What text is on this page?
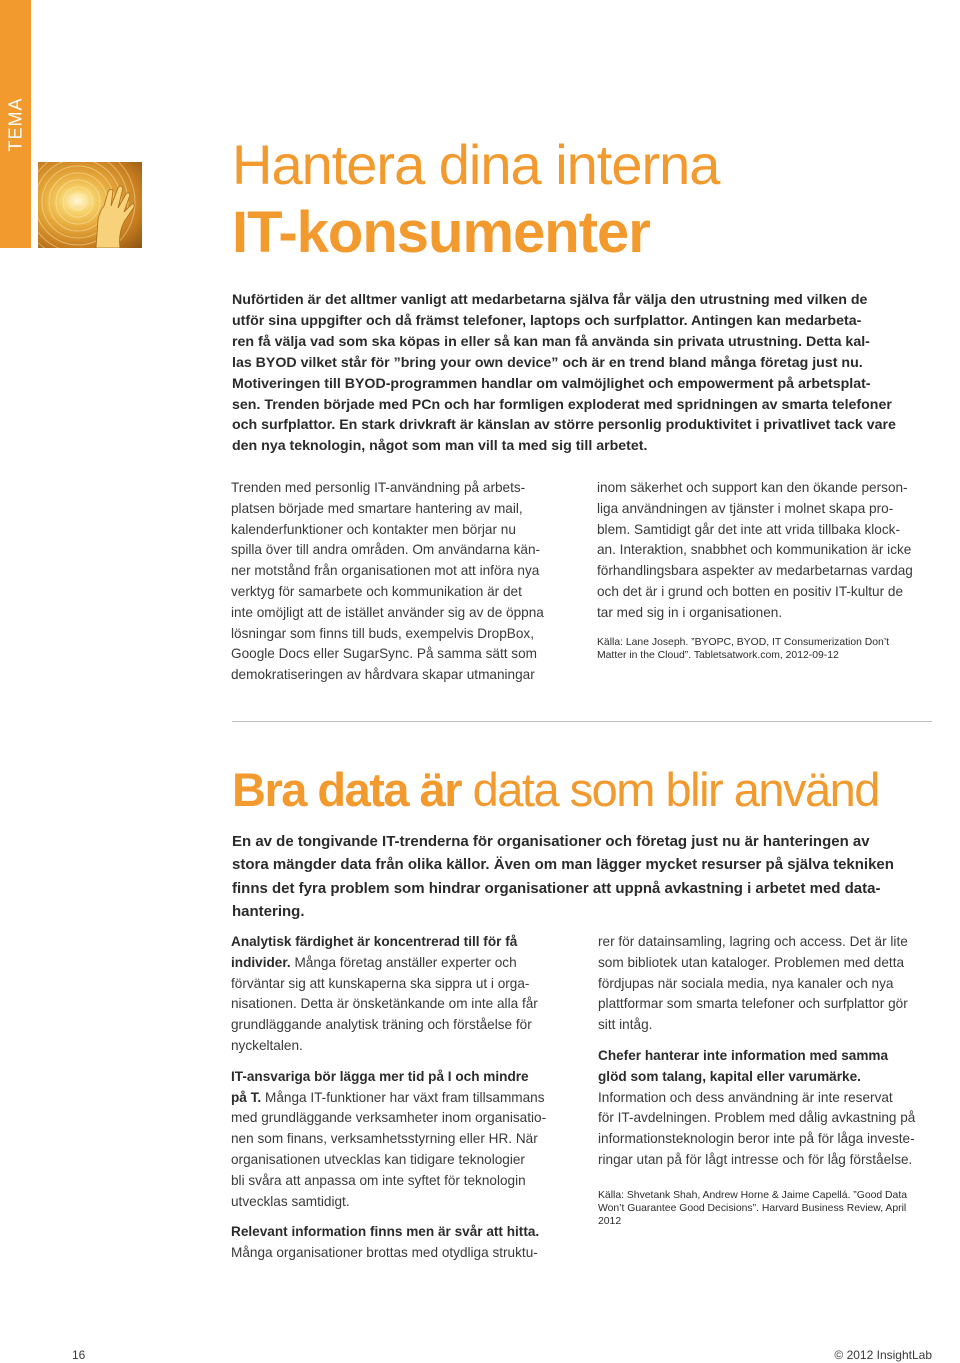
TEMA
Hantera dina interna
IT-konsumenter

Nuförtiden är det alltmer vanligt att medarbetarna själva får välja den utrustning med vilken de

utför sina uppgifter och då främst telefoner, laptops och surfplattor. Antingen kan medarbeta-

ren få välja vad som ska köpas in eller så kan man få använda sin privata utrustning. Detta kal-

las BYOD vilket står för ”bring your own device” och är en trend bland många företag just nu.

Motiveringen till BYOD-programmen handlar om valmöjlighet och empowerment på arbetsplat-

sen. Trenden började med PCn och har formligen exploderat med spridningen av smarta telefoner

och surfplattor. En stark drivkraft är känslan av större personlig produktivitet i privatlivet tack vare

den nya teknologin, något som man vill ta med sig till arbetet.

Trenden med personlig IT-användning på arbets-

platsen började med smartare hantering av mail,

kalenderfunktioner och kontakter men börjar nu

spilla över till andra områden. Om användarna kän-

ner motstånd från organisationen mot att införa nya

verktyg för samarbete och kommunikation är det

inte omöjligt att de istället använder sig av de öppna

lösningar som finns till buds, exempelvis DropBox,

Google Docs eller SugarSync. På samma sätt som

demokratiseringen av hårdvara skapar utmaningar

inom säkerhet och support kan den ökande person-

liga användningen av tjänster i molnet skapa pro-

blem. Samtidigt går det inte att vrida tillbaka klock-

an. Interaktion, snabbhet och kommunikation är icke

förhandlingsbara aspekter av medarbetarnas vardag

och det är i grund och botten en positiv IT-kultur de

tar med sig in i organisationen.

Källa: Lane Joseph. ”BYOPC, BYOD, IT Consumerization Don’t
Matter in the Cloud”. Tabletsatwork.com, 2012-09-12
Bra data är data som blir använd

En av de tongivande IT-trenderna för organisationer och företag just nu är hanteringen av

stora mängder data från olika källor. Även om man lägger mycket resurser på själva tekniken

finns det fyra problem som hindrar organisationer att uppnå avkastning i arbetet med data-

hantering.

Analytisk färdighet är koncentrerad till för få

individer. Många företag anställer experter och

förväntar sig att kunskaperna ska sippra ut i orga-

nisationen. Detta är önsketänkande om inte alla får

grundläggande analytisk träning och förståelse för

nyckeltalen.

IT-ansvariga bör lägga mer tid på I och mindre

på T. Många IT-funktioner har växt fram tillsammans

med grundläggande verksamheter inom organisatio-

nen som finans, verksamhetsstyrning eller HR. När

organisationen utvecklas kan tidigare teknologier

bli svåra att anpassa om inte syftet för teknologin

utvecklas samtidigt.

Relevant information finns men är svår att hitta.

Många organisationer brottas med otydliga struktu-

rer för datainsamling, lagring och access. Det är lite

som bibliotek utan kataloger. Problemen med detta

fördjupas när sociala media, nya kanaler och nya

plattformar som smarta telefoner och surfplattor gör

sitt intåg.

Chefer hanterar inte information med samma

glöd som talang, kapital eller varumärke.

Information och dess användning är inte reservat

för IT-avdelningen. Problem med dålig avkastning på

informationsteknologin beror inte på för låga investe-

ringar utan på för lågt intresse och för låg förståelse.

Källa: Shvetank Shah, Andrew Horne & Jaime Capellá. ”Good Data
Won’t Guarantee Good Decisions”. Harvard Business Review, April
2012
16	© 2012 InsightLab
